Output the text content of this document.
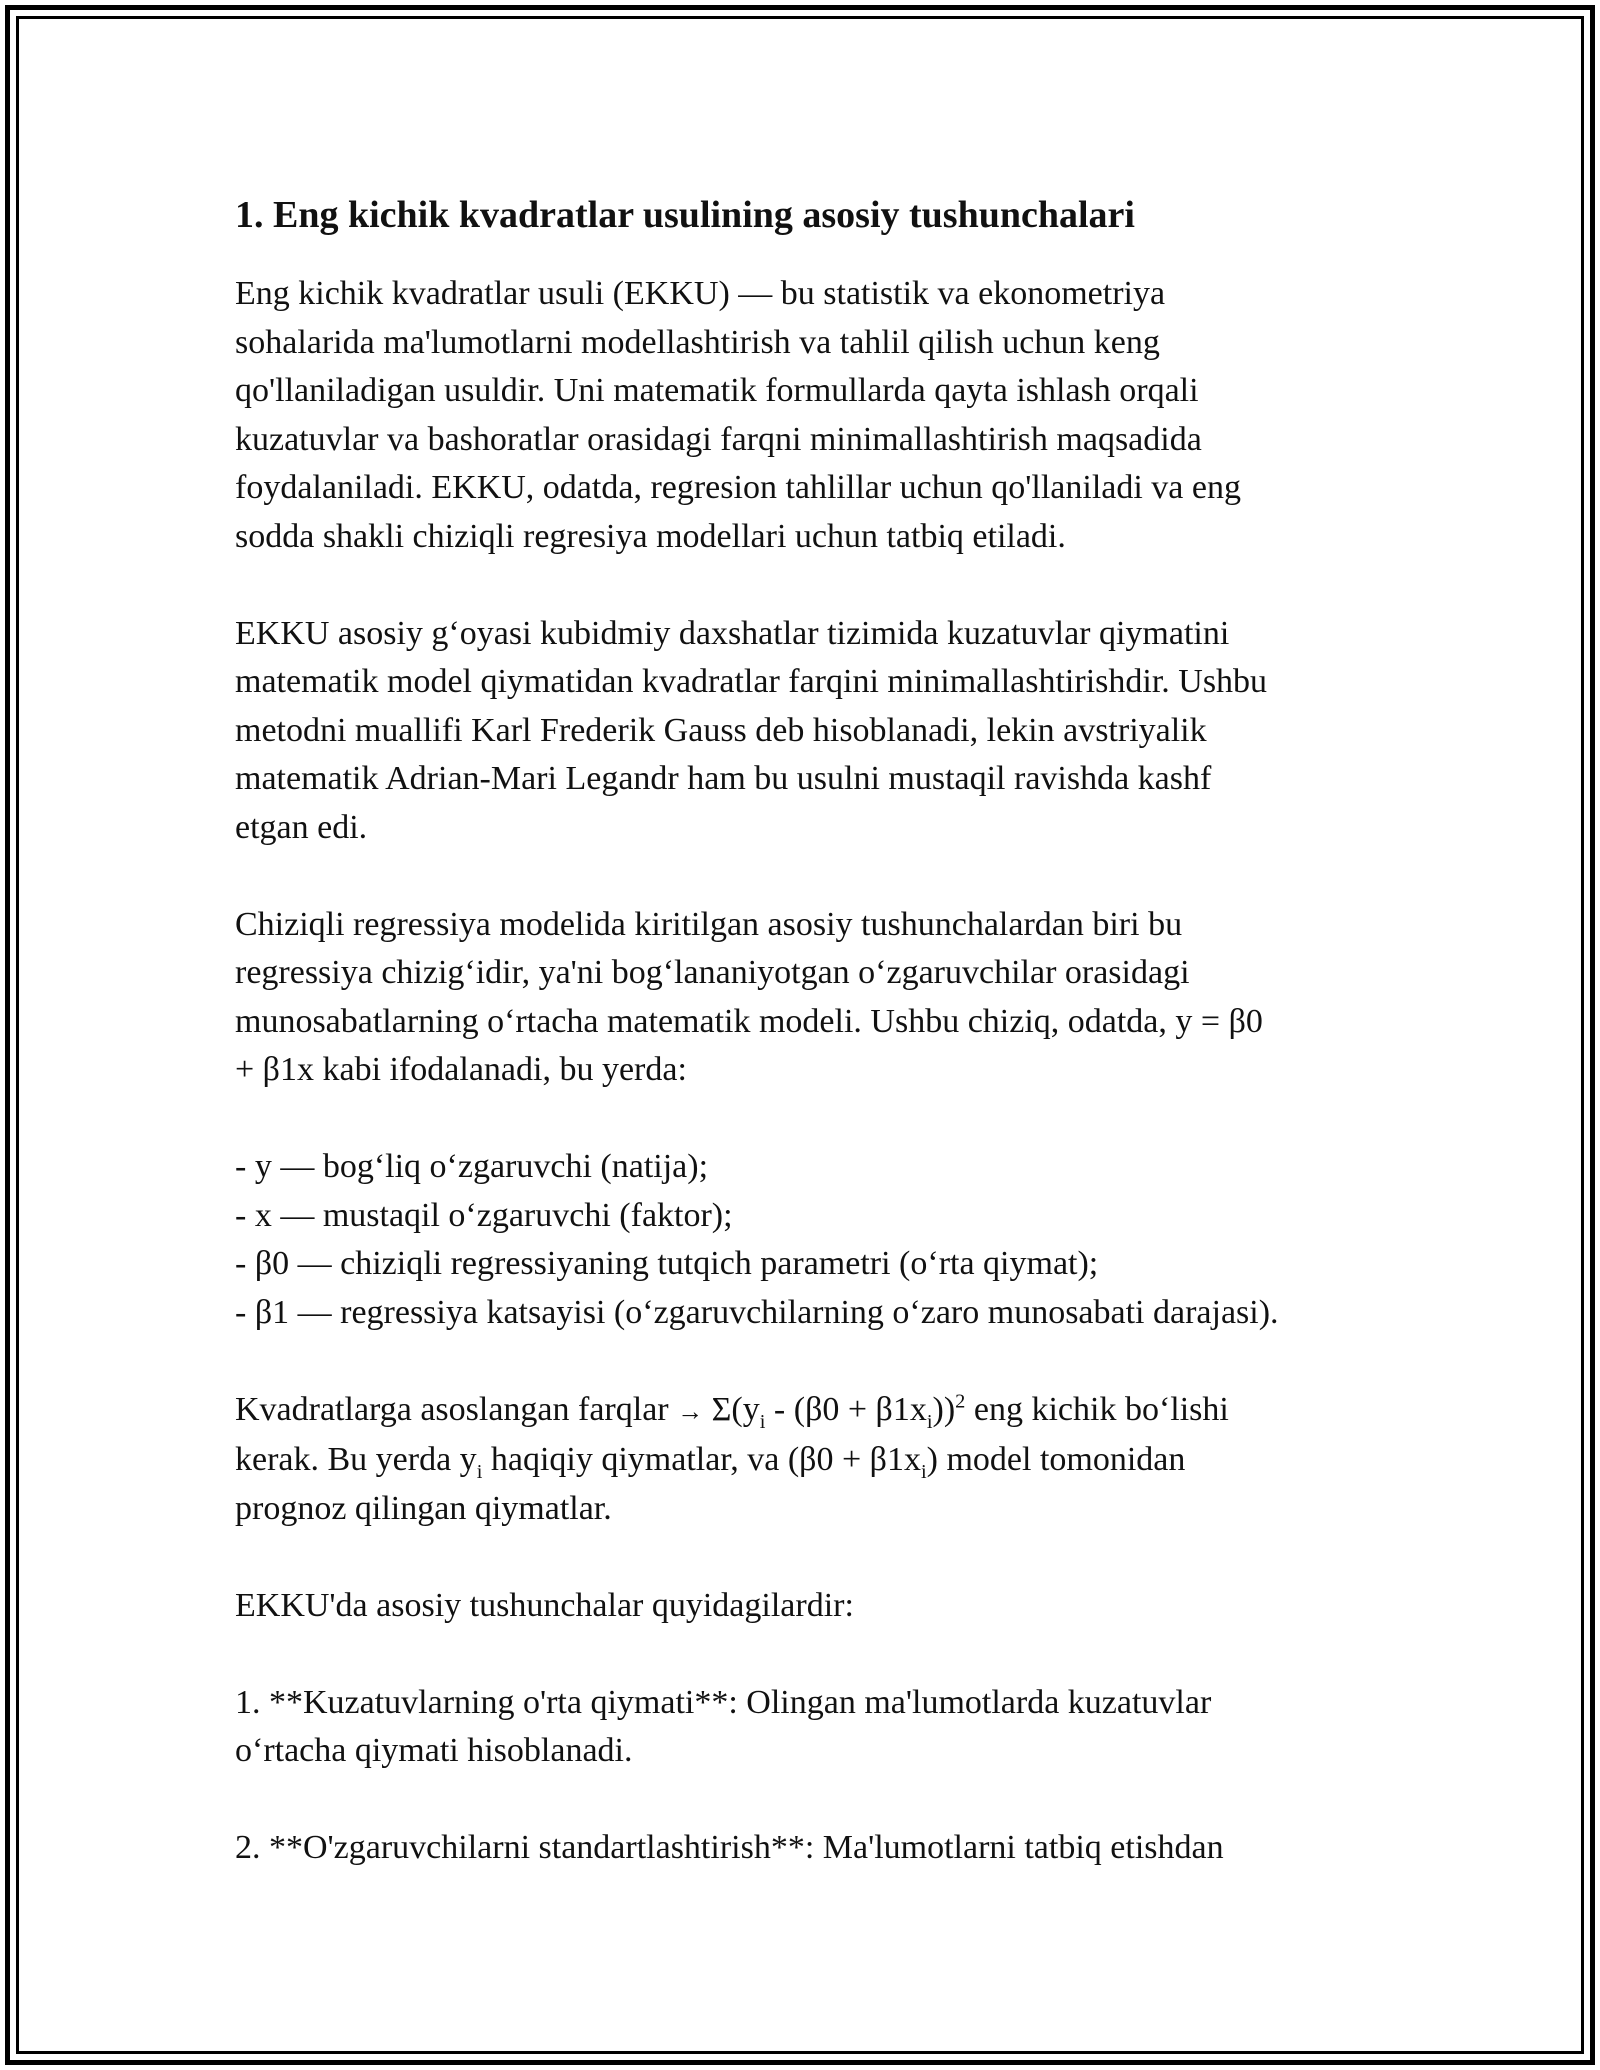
1. Eng kichik kvadratlar usulining asosiy tushunchalari

Eng kichik kvadratlar usuli (EKKU) — bu statistik va ekonometriya
sohalarida ma'lumotlarni modellashtirish va tahlil qilish uchun keng
qo'llaniladigan usuldir. Uni matematik formullarda qayta ishlash orqali
kuzatuvlar va bashoratlar orasidagi farqni minimallashtirish maqsadida
foydalaniladi. EKKU, odatda, regresion tahlillar uchun qo'llaniladi va eng
sodda shakli chiziqli regresiya modellari uchun tatbiq etiladi.

EKKU asosiy g‘oyasi kubidmiy daxshatlar tizimida kuzatuvlar qiymatini
matematik model qiymatidan kvadratlar farqini minimallashtirishdir. Ushbu
metodni muallifi Karl Frederik Gauss deb hisoblanadi, lekin avstriyalik
matematik Adrian-Mari Legandr ham bu usulni mustaqil ravishda kashf
etgan edi.

Chiziqli regressiya modelida kiritilgan asosiy tushunchalardan biri bu
regressiya chizig‘idir, ya'ni bog‘lananiyotgan o‘zgaruvchilar orasidagi
munosabatlarning o‘rtacha matematik modeli. Ushbu chiziq, odatda, y = β0
+ β1x kabi ifodalanadi, bu yerda:

- y — bog‘liq o‘zgaruvchi (natija);
- x — mustaqil o‘zgaruvchi (faktor);
- β0 — chiziqli regressiyaning tutqich parametri (o‘rta qiymat);
- β1 — regressiya katsayisi (o‘zgaruvchilarning o‘zaro munosabati darajasi).

Kvadratlarga asoslangan farqlar → $\Sigma(y_i - (\beta 0 + \beta 1x_i))^2$ eng kichik bo‘lishi
kerak. Bu yerda $y_i$ haqiqiy qiymatlar, va $(\beta 0 + \beta 1x_i)$ model tomonidan
prognoz qilingan qiymatlar.

EKKU'da asosiy tushunchalar quyidagilardir:

1. **Kuzatuvlarning o'rta qiymati**: Olingan ma'lumotlarda kuzatuvlar
o‘rtacha qiymati hisoblanadi.

2. **O'zgaruvchilarni standartlashtirish**: Ma'lumotlarni tatbiq etishdan
